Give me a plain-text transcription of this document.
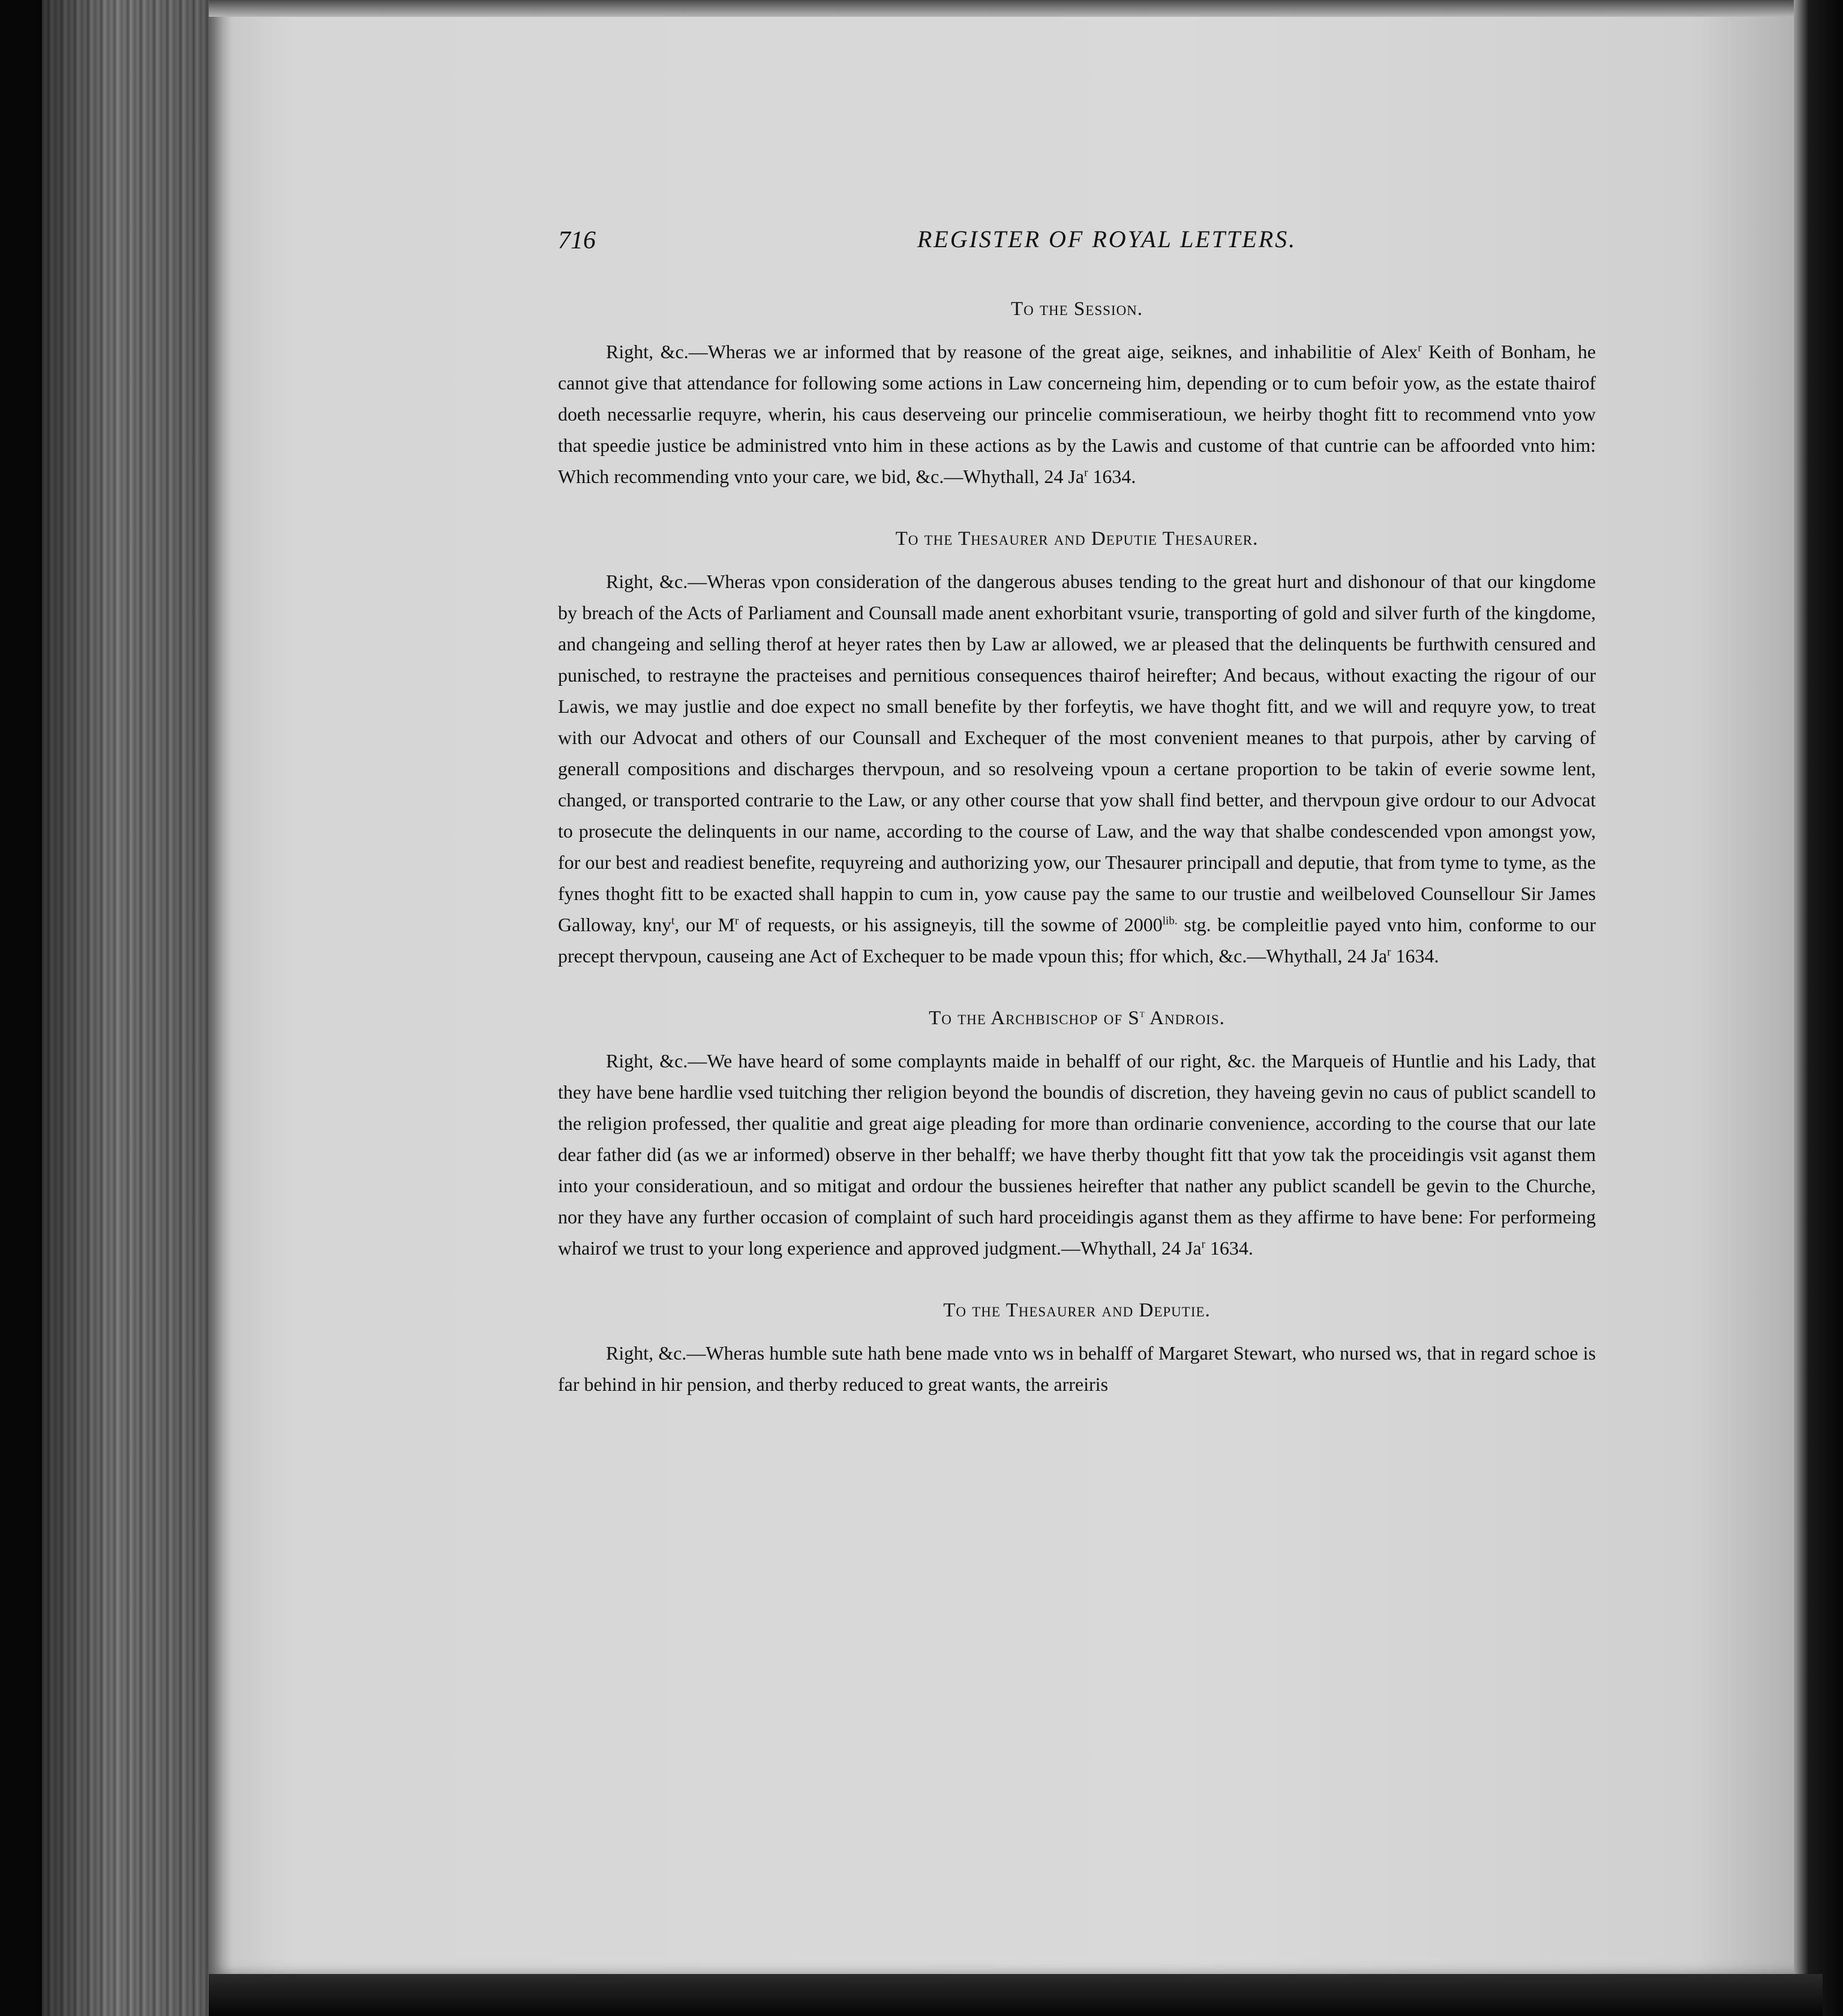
716	REGISTER OF ROYAL LETTERS.
To the Session.

Right, &c.—Wheras we ar informed that by reasone of the great aige, seiknes, and inhabilitie of Alex$^r$ Keith of Bonham, he cannot give that attendance for following some actions in Law concerneing him, depending or to cum befoir yow, as the estate thairof doeth necessarlie requyre, wherin, his caus deserveing our princelie commiseratioun, we heirby thoght fitt to recommend vnto yow that speedie justice be administred vnto him in these actions as by the Lawis and custome of that cuntrie can be affoorded vnto him: Which recommending vnto your care, we bid, &c.—Whythall, 24 Ja$^r$ 1634.

To the Thesaurer and Deputie Thesaurer.

Right, &c.—Wheras vpon consideration of the dangerous abuses tending to the great hurt and dishonour of that our kingdome by breach of the Acts of Parliament and Counsall made anent exhorbitant vsurie, transporting of gold and silver furth of the kingdome, and changeing and selling therof at heyer rates then by Law ar allowed, we ar pleased that the delinquents be furthwith censured and punisched, to restrayne the practeises and pernitious consequences thairof heirefter; And becaus, without exacting the rigour of our Lawis, we may justlie and doe expect no small benefite by ther forfeytis, we have thoght fitt, and we will and requyre yow, to treat with our Advocat and others of our Counsall and Exchequer of the most convenient meanes to that purpois, ather by carving of generall compositions and discharges thervpoun, and so resolveing vpoun a certane proportion to be takin of everie sowme lent, changed, or transported contrarie to the Law, or any other course that yow shall find better, and thervpoun give ordour to our Advocat to prosecute the delinquents in our name, according to the course of Law, and the way that shalbe condescended vpon amongst yow, for our best and readiest benefite, requyreing and authorizing yow, our Thesaurer principall and deputie, that from tyme to tyme, as the fynes thoght fitt to be exacted shall happin to cum in, yow cause pay the same to our trustie and weilbeloved Counsellour Sir James Galloway, kny$^t$, our $M^r$ of requests, or his assigneyis, till the sowme of $2000^{lib.}$ stg. be compleitlie payed vnto him, conforme to our precept thervpoun, causeing ane Act of Exchequer to be made vpoun this; ffor which, &c.—Whythall, 24 Ja$^r$ 1634.

To the Archbischop of $S^t$ Androis.

Right, &c.—We have heard of some complaynts maide in behalff of our right, &c. the Marqueis of Huntlie and his Lady, that they have bene hardlie vsed tuitching ther religion beyond the boundis of discretion, they haveing gevin no caus of publict scandell to the religion professed, ther qualitie and great aige pleading for more than ordinarie convenience, according to the course that our late dear father did (as we ar informed) observe in ther behalff; we have therby thought fitt that yow tak the proceidingis vsit aganst them into your consideratioun, and so mitigat and ordour the bussienes heirefter that nather any publict scandell be gevin to the Churche, nor they have any further occasion of complaint of such hard proceidingis aganst them as they affirme to have bene: For performeing whairof we trust to your long experience and approved judgment.—Whythall, 24 Ja$^r$ 1634.

To the Thesaurer and Deputie.

Right, &c.—Wheras humble sute hath bene made vnto ws in behalff of Margaret Stewart, who nursed ws, that in regard schoe is far behind in hir pension, and therby reduced to great wants, the arreiris
